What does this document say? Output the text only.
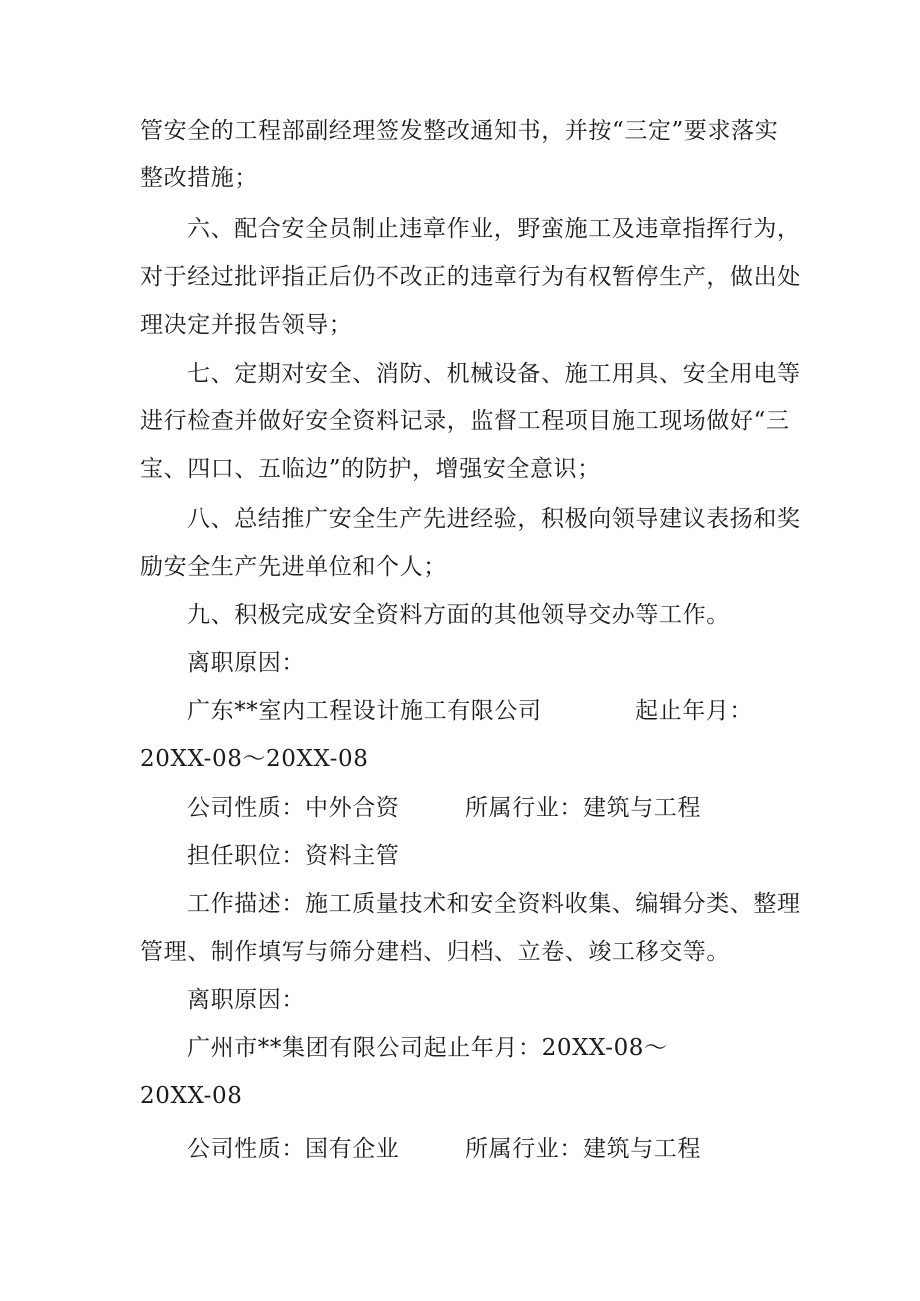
管安全的工程部副经理签发整改通知书，并按“三定”要求落实
整改措施；
六、配合安全员制止违章作业，野蛮施工及违章指挥行为，
对于经过批评指正后仍不改正的违章行为有权暂停生产，做出处
理决定并报告领导；
七、定期对安全、消防、机械设备、施工用具、安全用电等
进行检查并做好安全资料记录，监督工程项目施工现场做好“三
宝、四口、五临边”的防护，增强安全意识；
八、总结推广安全生产先进经验，积极向领导建议表扬和奖
励安全生产先进单位和个人；
九、积极完成安全资料方面的其他领导交办等工作。
离职原因：
广东**室内工程设计施工有限公司	起止年月：
20XX-08～20XX-08
公司性质：中外合资	所属行业：建筑与工程
担任职位：资料主管
工作描述：施工质量技术和安全资料收集、编辑分类、整理
管理、制作填写与筛分建档、归档、立卷、竣工移交等。
离职原因：
广州市**集团有限公司起止年月：20XX-08～
20XX-08
公司性质：国有企业	所属行业：建筑与工程
